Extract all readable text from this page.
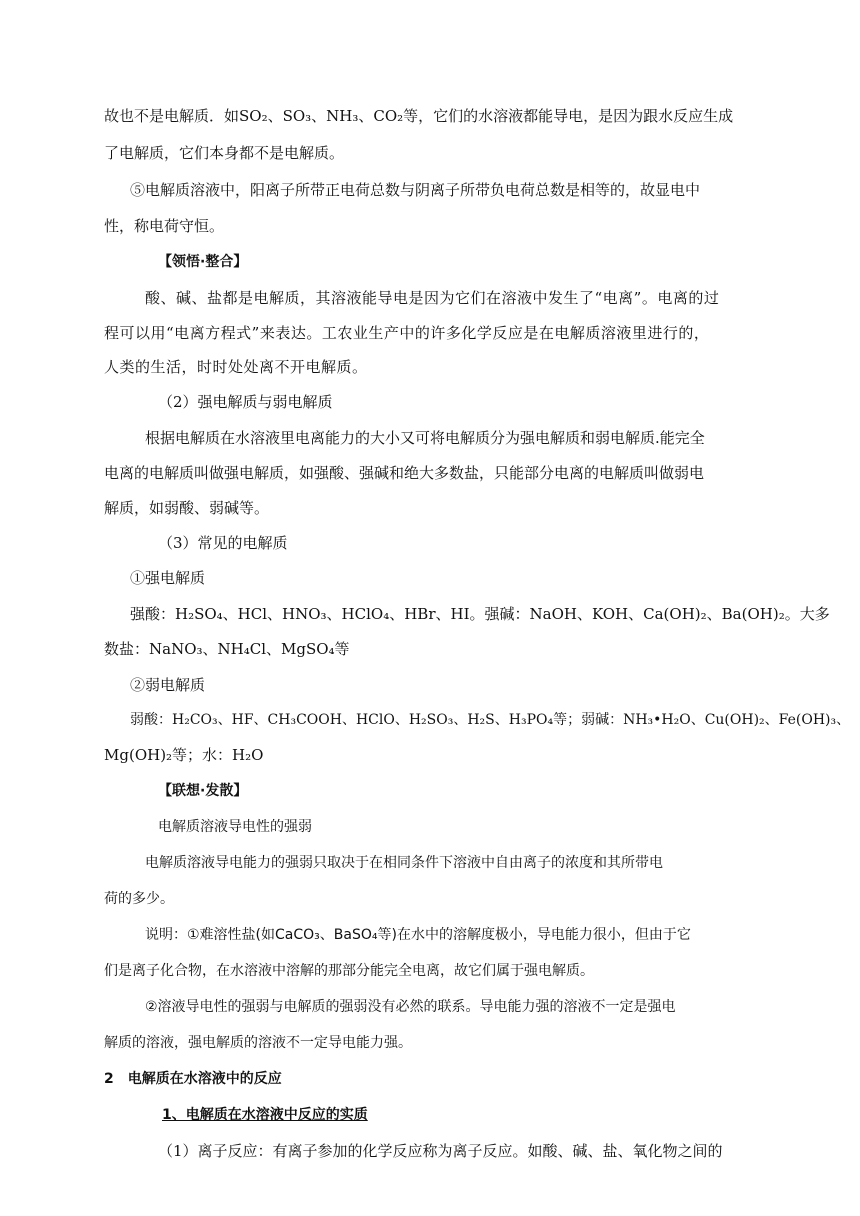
故也不是电解质．如SO₂、SO₃、NH₃、CO₂等，它们的水溶液都能导电，是因为跟水反应生成
了电解质，它们本身都不是电解质。
⑤电解质溶液中，阳离子所带正电荷总数与阴离子所带负电荷总数是相等的，故显电中
性，称电荷守恒。
【领悟·整合】
酸、碱、盐都是电解质，其溶液能导电是因为它们在溶液中发生了“电离”。电离的过
程可以用“电离方程式”来表达。工农业生产中的许多化学反应是在电解质溶液里进行的，
人类的生活，时时处处离不开电解质。
（2）强电解质与弱电解质
根据电解质在水溶液里电离能力的大小又可将电解质分为强电解质和弱电解质.能完全
电离的电解质叫做强电解质，如强酸、强碱和绝大多数盐，只能部分电离的电解质叫做弱电
解质，如弱酸、弱碱等。
（3）常见的电解质
①强电解质
强酸：H₂SO₄、HCl、HNO₃、HClO₄、HBr、HI。强碱：NaOH、KOH、Ca(OH)₂、Ba(OH)₂。大多
数盐：NaNO₃、NH₄Cl、MgSO₄等
②弱电解质
弱酸：H₂CO₃、HF、CH₃COOH、HClO、H₂SO₃、H₂S、H₃PO₄等；弱碱：NH₃•H₂O、Cu(OH)₂、Fe(OH)₃、
Mg(OH)₂等；水：H₂O
【联想·发散】
电解质溶液导电性的强弱
电解质溶液导电能力的强弱只取决于在相同条件下溶液中自由离子的浓度和其所带电
荷的多少。
说明：①难溶性盐(如CaCO₃、BaSO₄等)在水中的溶解度极小，导电能力很小，但由于它
们是离子化合物，在水溶液中溶解的那部分能完全电离，故它们属于强电解质。
②溶液导电性的强弱与电解质的强弱没有必然的联系。导电能力强的溶液不一定是强电
解质的溶液，强电解质的溶液不一定导电能力强。
2　电解质在水溶液中的反应
1、电解质在水溶液中反应的实质
（1）离子反应：有离子参加的化学反应称为离子反应。如酸、碱、盐、氧化物之间的
